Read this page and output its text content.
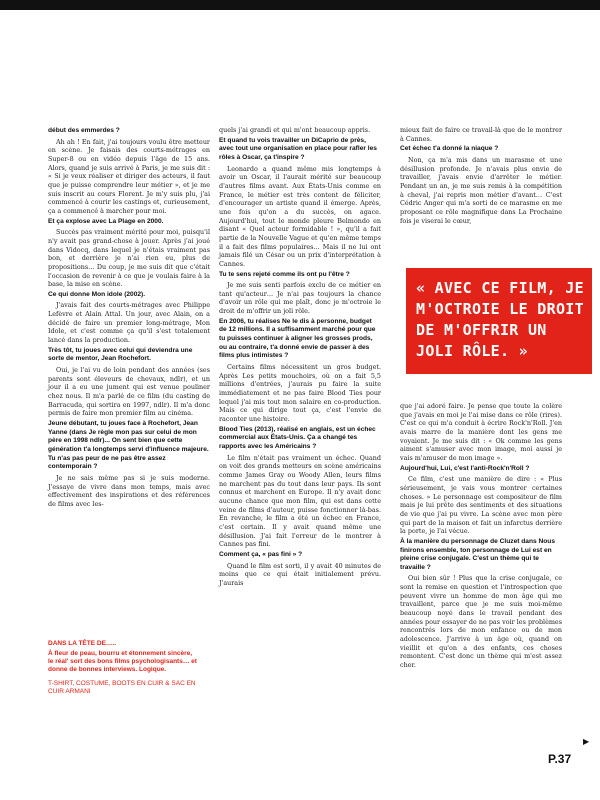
début des emmerdes ?

Ah ah ! En fait, j'ai toujours voulu être metteur en scène. Je faisais des courts-métrages en Super-8 ou en vidéo depuis l'âge de 15 ans. Alors, quand je suis arrivé à Paris, je me suis dit : « Si je veux réaliser et diriger des acteurs, il faut que je puisse comprendre leur métier », et je me suis inscrit au cours Florent. Je m'y suis plu, j'ai commencé à courir les castings et, curieusement, ça a commencé à marcher pour moi.

Et ça explose avec La Plage en 2000.

Succès pas vraiment mérité pour moi, puisqu'il n'y avait pas grand-chose à jouer. Après j'ai joué dans Vidocq, dans lequel je n'étais vraiment pas bon, et derrière je n'ai rien eu, plus de propositions… Du coup, je me suis dit que c'était l'occasion de revenir à ce que je voulais faire à la base, la mise en scène.

Ce qui donne Mon idole (2002).

J'avais fait des courts-métrages avec Philippe Lefèvre et Alain Attal. Un jour, avec Alain, on a décidé de faire un premier long-métrage, Mon Idole, et c'est comme ça qu'il s'est totalement lancé dans la production.

Très tôt, tu joues avec celui qui deviendra une sorte de mentor, Jean Rochefort.

Oui, je l'ai vu de loin pendant des années (ses parents sont éleveurs de chevaux, ndlr), et un jour il a eu une jument qui est venue pouliner chez nous. Il m'a parlé de ce film (du casting de Barracuda, qui sortira en 1997, ndlr). Il m'a donc permis de faire mon premier film au cinéma.

Jeune débutant, tu joues face à Rochefort, Jean Yanne (dans Je règle mon pas sur celui de mon père en 1998 ndlr)... On sent bien que cette génération t'a longtemps servi d'influence majeure. Tu n'as pas peur de ne pas être assez contemporain ?

Je ne sais même pas si je suis moderne. J'essaye de vivre dans mon temps, mais avec effectivement des inspirations et des références de films avec les-

quels j'ai grandi et qui m'ont beaucoup appris.

Et quand tu vois travailler un DiCaprio de près, avec tout une organisation en place pour rafler les rôles à Oscar, ça t'inspire ?

Leonardo a quand même mis longtemps à avoir un Oscar, il l'aurait mérité sur beaucoup d'autres films avant. Aux États-Unis comme en France, le métier est très content de féliciter, d'encourager un artiste quand il émerge. Après, une fois qu'on a du succès, on agace. Aujourd'hui, tout le monde pleure Belmondo en disant « Quel acteur formidable ! », qu'il a fait partie de la Nouvelle Vague et qu'en même temps il a fait des films populaires… Mais il ne lui ont jamais filé un César ou un prix d'interprétation à Cannes.

Tu te sens rejeté comme ils ont pu l'être ?

Je me suis senti parfois exclu de ce métier en tant qu'acteur… Je n'ai pas toujours la chance d'avoir un rôle qui me plaît, donc je m'octroie le droit de m'offrir un joli rôle.

En 2006, tu réalises Ne le dis à personne, budget de 12 millions. Il a suffisamment marché pour que tu puisses continuer à aligner les grosses prods, ou au contraire, t'a donné envie de passer à des films plus intimistes ?

Certains films nécessitent un gros budget. Après Les petits mouchoirs, où on a fait 5,5 millions d'entrées, j'aurais pu faire la suite immédiatement et ne pas faire Blood Ties pour lequel j'ai mis tout mon salaire en co-production. Mais ce qui dirige tout ça, c'est l'envie de raconter une histoire.

Blood Ties (2013), réalisé en anglais, est un échec commercial aux États-Unis. Ça a changé tes rapports avec les Américains ?

Le film n'était pas vraiment un échec. Quand on voit des grands metteurs en scène américains comme James Gray ou Woody Allen, leurs films ne marchent pas du tout dans leur pays. Ils sont connus et marchent en Europe. Il n'y avait donc aucune chance que mon film, qui est dans cette veine de films d'auteur, puisse fonctionner là-bas. En revanche, le film a été un échec en France, c'est certain. Il y avait quand même une désillusion. J'ai fait l'erreur de le montrer à Cannes pas fini.

Comment ça, « pas fini » ?

Quand le film est sorti, il y avait 40 minutes de moins que ce qui était initialement prévu. J'aurais

mieux fait de faire ce travail-là que de le montrer à Cannes.

Cet échec t'a donné la niaque ?

Non, ça m'a mis dans un marasme et une désillusion profonde. Je n'avais plus envie de travailler, j'avais envie d'arrêter le métier. Pendant un an, je me suis remis à la compétition à cheval, j'ai repris mon métier d'avant… C'est Cédric Anger qui m'a sorti de ce marasme en me proposant ce rôle magnifique dans La Prochaine fois je viserai le cœur,

« AVEC CE FILM, JE M'OCTROIE LE DROIT DE M'OFFRIR UN JOLI RÔLE. »

que j'ai adoré faire. Je pense que toute la colère que j'avais en moi je l'ai mise dans ce rôle (rires). C'est ce qui m'a conduit à écrire Rock'n'Roll. J'en avais marre de la manière dont les gens me voyaient. Je me suis dit : « Ok comme les gens aiment s'amuser avec mon image, moi aussi je vais m'amuser de mon image ».

Aujourd'hui, Lui, c'est l'anti-Rock'n'Roll ?

Ce film, c'est une manière de dire : « Plus sérieusement, je vais vous montrer certaines choses. » Le personnage est compositeur de film mais je lui prête des sentiments et des situations de vie que j'ai pu vivre. La scène avec mon père qui part de la maison et fait un infarctus derrière la porte, je l'ai vécue.

À la manière du personnage de Cluzet dans Nous finirons ensemble, ton personnage de Lui est en pleine crise conjugale. C'est un thème qui te travaille ?

Oui bien sûr ! Plus que la crise conjugale, ce sont la remise en question et l'introspection que peuvent vivre un homme de mon âge qui me travaillent, parce que je me suis moi-même beaucoup noyé dans le travail pendant des années pour essayer de ne pas voir les problèmes rencontrés lors de mon enfance ou de mon adolescence. J'arrive à un âge où, quand on vieillit et qu'on a des enfants, ces choses remontent. C'est donc un thème qui m'est assez cher.

DANS LA TÊTE DE…..
À fleur de peau, bourru et étonnement sincère, le réal' sort des bons films psychologisants… et donne de bonnes interviews. Logique.
T-SHIRT, COSTUME, BOOTS EN CUIR & SAC EN CUIR ARMANI
▶
P.37
